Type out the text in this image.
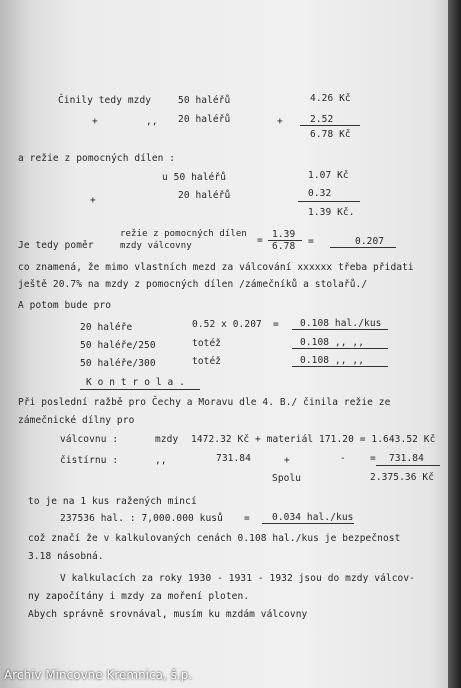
Činily tedy mzdy	50 haléřů	4.26 Kč
+	,, 20 haléřů	+	2.52
6.78 Kč
a režie z pomocných dílen :
u 50 haléřů	1.07 Kč
+	20 haléřů	0.32
1.39 Kč.
Je tedy poměr
režie z pomocných dílen
mzdy válcovny	=
1.39
6.78 =	0.207
co znamená, že mimo vlastních mezd za válcování xxxxxx třeba přidati
ještě 20.7% na mzdy z pomocných dílen /zámečníků a stolařů./
A potom bude pro
20 haléře	0.52 x 0.207 = 0.108 hal./kus
50 haléře/250	totéž	0.108 ,, ,,
50 haléře/300	totéž	0.108 ,, ,,
K o n t r o l a .
Při poslední ražbě pro Čechy a Moravu dle 4. B./ činila režie ze
zámečnické dílny pro
válcovnu :	mzdy 1472.32 Kč + materiál 171.20 = 1.643.52 Kč
čistírnu :	,,	731.84	+	-	= 731.84
Spolu	2.375.36 Kč
to je na 1 kus ražených mincí
237536 hal. : 7,000.000 kusů = 0.034 hal./kus
což značí že v kalkulovaných cenách 0.108 hal./kus je bezpečnost
3.18 násobná.
V kalkulacích za roky 1930 - 1931 - 1932 jsou do mzdy válcov-
ny započítány i mzdy za moření ploten.
Abych správně srovnával, musím ku mzdám válcovny
Archiv Mincovne Kremnica, š.p.
